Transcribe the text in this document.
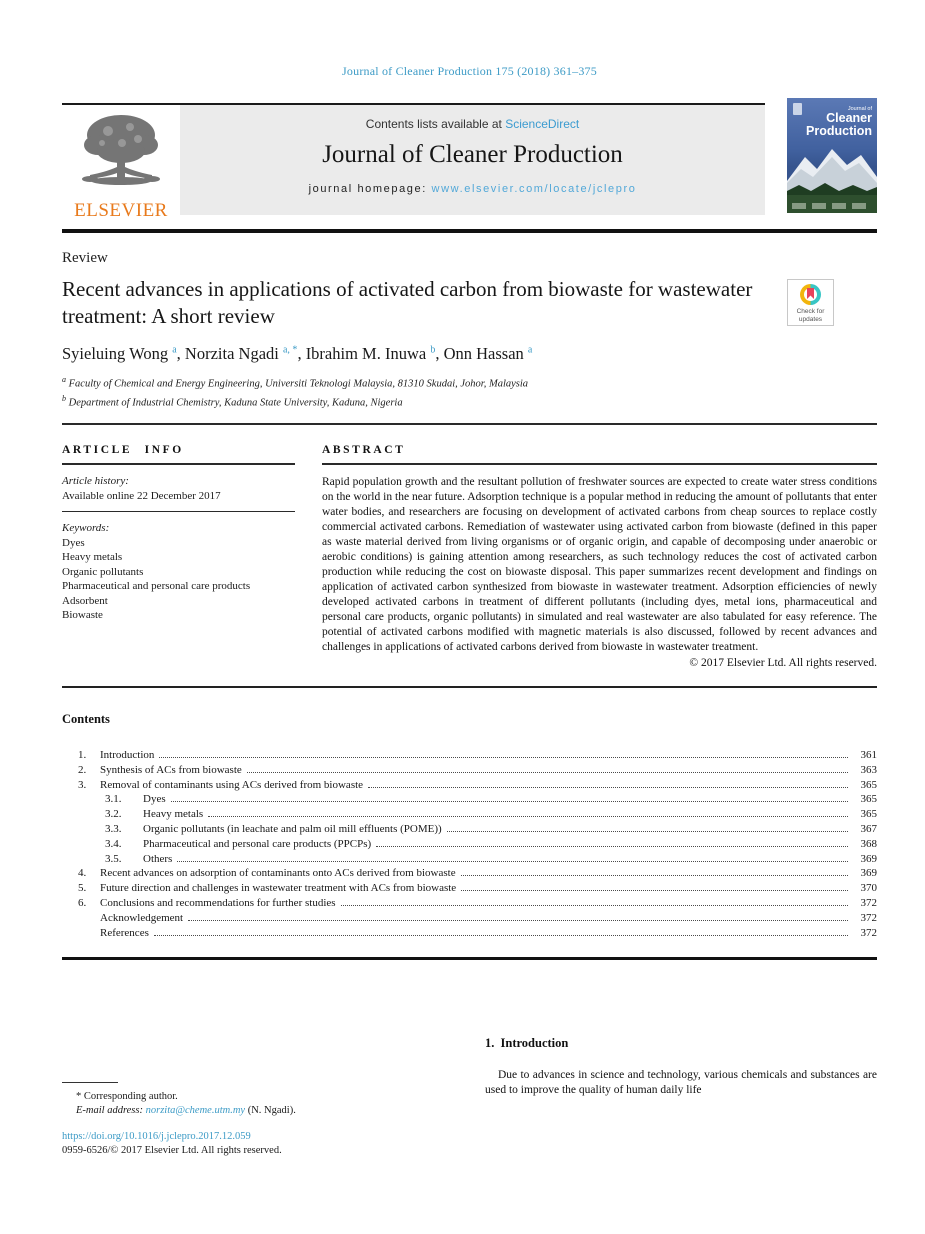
Journal of Cleaner Production 175 (2018) 361–375
ELSEVIER
Contents lists available at ScienceDirect
Journal of Cleaner Production
journal homepage: www.elsevier.com/locate/jclepro
Journal of
Cleaner
Production
Review
Recent advances in applications of activated carbon from biowaste for wastewater treatment: A short review	Check for
updates
Syieluing Wong $^a$, Norzita Ngadi $^{a, *}$, Ibrahim M. Inuwa $^b$, Onn Hassan $^a$
$^a$ Faculty of Chemical and Energy Engineering, Universiti Teknologi Malaysia, 81310 Skudai, Johor, Malaysia
$^b$ Department of Industrial Chemistry, Kaduna State University, Kaduna, Nigeria
ARTICLE INFO
Article history:
Available online 22 December 2017
Keywords:
Dyes
Heavy metals
Organic pollutants
Pharmaceutical and personal care products
Adsorbent
Biowaste
ABSTRACT
Rapid population growth and the resultant pollution of freshwater sources are expected to create water stress conditions on the world in the near future. Adsorption technique is a popular method in reducing the amount of pollutants that enter water bodies, and researchers are focusing on development of activated carbons from cheap sources to replace costly commercial activated carbons. Remediation of wastewater using activated carbon from biowaste (defined in this paper as waste material derived from living organisms or of organic origin, and capable of decomposing under anaerobic or aerobic conditions) is gaining attention among researchers, as such technology reduces the cost of activated carbon production while reducing the cost on biowaste disposal. This paper summarizes recent development and findings on application of activated carbon synthesized from biowaste in wastewater treatment. Adsorption efficiencies of newly developed activated carbons in treatment of different pollutants (including dyes, metal ions, pharmaceutical and personal care products, organic pollutants) in simulated and real wastewater are also tabulated for easy reference. The potential of activated carbons modified with magnetic materials is also discussed, followed by recent advances and challenges in applications of activated carbons derived from biowaste in wastewater treatment.
© 2017 Elsevier Ltd. All rights reserved.
Contents
1.	Introduction	361
2.	Synthesis of ACs from biowaste	363
3.	Removal of contaminants using ACs derived from biowaste	365
3.1.	Dyes	365
3.2.	Heavy metals	365
3.3.	Organic pollutants (in leachate and palm oil mill effluents (POME))	367
3.4.	Pharmaceutical and personal care products (PPCPs)	368
3.5.	Others	369
4.	Recent advances on adsorption of contaminants onto ACs derived from biowaste	369
5.	Future direction and challenges in wastewater treatment with ACs from biowaste	370
6.	Conclusions and recommendations for further studies	372
Acknowledgement	372
References	372
1. Introduction
Due to advances in science and technology, various chemicals and substances are used to improve the quality of human daily life
* Corresponding author.
E-mail address: norzita@cheme.utm.my (N. Ngadi).
https://doi.org/10.1016/j.jclepro.2017.12.059
0959-6526/© 2017 Elsevier Ltd. All rights reserved.
